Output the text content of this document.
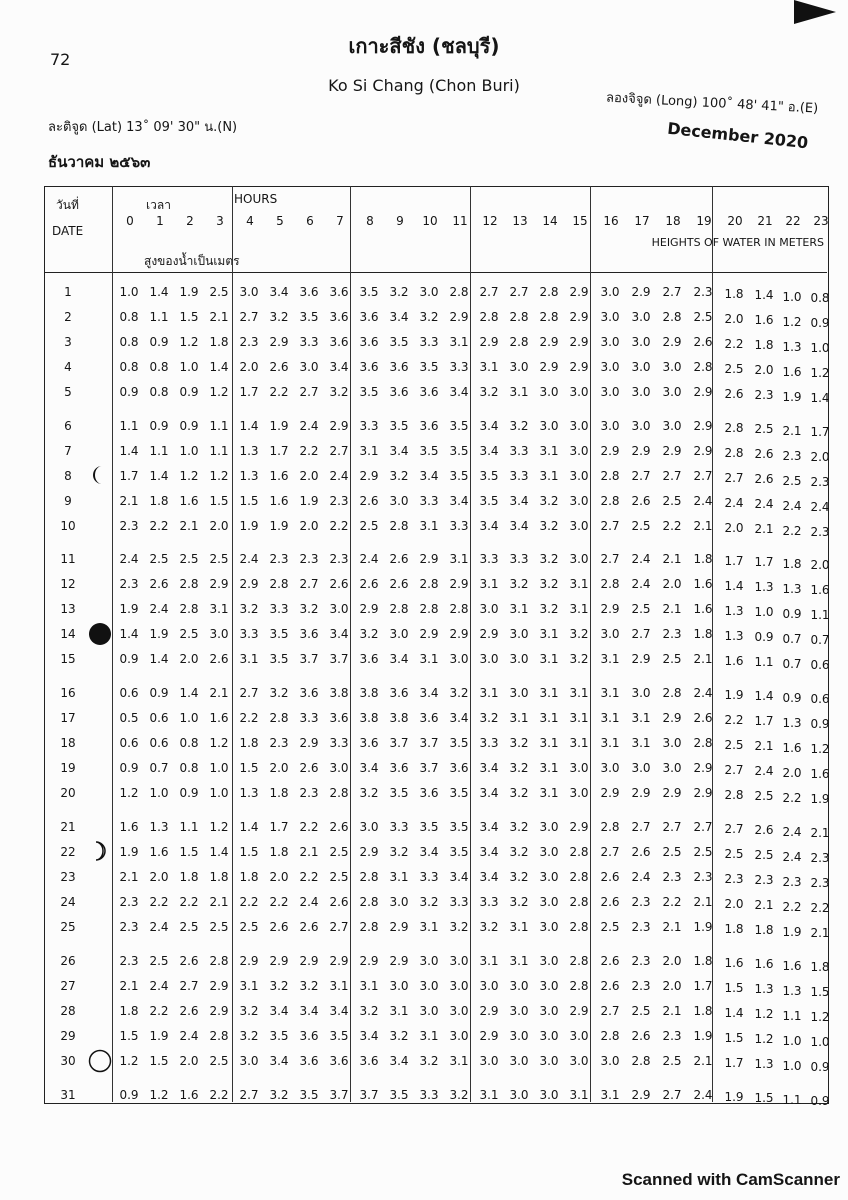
72
เกาะสีชัง (ชลบุรี)
Ko Si Chang (Chon Buri)
ละติจูด (Lat) 13˚ 09' 30" น.(N)
ลองจิจูด (Long) 100˚ 48' 41" อ.(E)
ธันวาคม ๒๕๖๓
December 2020
วันที่
DATE
เวลา	HOURS
HEIGHTS OF WATER IN METERS
สูงของน้ำเป็นเมตร
0	1	2	3	4	5	6	7	8	9	10	11	12	13	14	15	16	17	18	19	20	21	22	23
1	1.0 1.4 1.9 2.5 3.0 3.4 3.6 3.6 3.5 3.2 3.0 2.8 2.7 2.7 2.8 2.9 3.0 2.9 2.7 2.3 1.8 1.4 1.0 0.8
2	0.8 1.1 1.5 2.1 2.7 3.2 3.5 3.6 3.6 3.4 3.2 2.9 2.8 2.8 2.8 2.9 3.0 3.0 2.8 2.5 2.0 1.6 1.2 0.9
3	0.8 0.9 1.2 1.8 2.3 2.9 3.3 3.6 3.6 3.5 3.3 3.1 2.9 2.8 2.9 2.9 3.0 3.0 2.9 2.6 2.2 1.8 1.3 1.0
4	0.8 0.8 1.0 1.4 2.0 2.6 3.0 3.4 3.6 3.6 3.5 3.3 3.1 3.0 2.9 2.9 3.0 3.0 3.0 2.8 2.5 2.0 1.6 1.2
5	0.9 0.8 0.9 1.2 1.7 2.2 2.7 3.2 3.5 3.6 3.6 3.4 3.2 3.1 3.0 3.0 3.0 3.0 3.0 2.9 2.6 2.3 1.9 1.4
6	1.1 0.9 0.9 1.1 1.4 1.9 2.4 2.9 3.3 3.5 3.6 3.5 3.4 3.2 3.0 3.0 3.0 3.0 3.0 2.9 2.8 2.5 2.1 1.7
7	1.4 1.1 1.0 1.1 1.3 1.7 2.2 2.7 3.1 3.4 3.5 3.5 3.4 3.3 3.1 3.0 2.9 2.9 2.9 2.9 2.8 2.6 2.3 2.0
8	1.7 1.4 1.2 1.2 1.3 1.6 2.0 2.4 2.9 3.2 3.4 3.5 3.5 3.3 3.1 3.0 2.8 2.7 2.7 2.7 2.7 2.6 2.5 2.3
9	2.1 1.8 1.6 1.5 1.5 1.6 1.9 2.3 2.6 3.0 3.3 3.4 3.5 3.4 3.2 3.0 2.8 2.6 2.5 2.4 2.4 2.4 2.4 2.4
10	2.3 2.2 2.1 2.0 1.9 1.9 2.0 2.2 2.5 2.8 3.1 3.3 3.4 3.4 3.2 3.0 2.7 2.5 2.2 2.1 2.0 2.1 2.2 2.3
11	2.4 2.5 2.5 2.5 2.4 2.3 2.3 2.3 2.4 2.6 2.9 3.1 3.3 3.3 3.2 3.0 2.7 2.4 2.1 1.8 1.7 1.7 1.8 2.0
12	2.3 2.6 2.8 2.9 2.9 2.8 2.7 2.6 2.6 2.6 2.8 2.9 3.1 3.2 3.2 3.1 2.8 2.4 2.0 1.6 1.4 1.3 1.3 1.6
13	1.9 2.4 2.8 3.1 3.2 3.3 3.2 3.0 2.9 2.8 2.8 2.8 3.0 3.1 3.2 3.1 2.9 2.5 2.1 1.6 1.3 1.0 0.9 1.1
14	1.4 1.9 2.5 3.0 3.3 3.5 3.6 3.4 3.2 3.0 2.9 2.9 2.9 3.0 3.1 3.2 3.0 2.7 2.3 1.8 1.3 0.9 0.7 0.7
15	0.9 1.4 2.0 2.6 3.1 3.5 3.7 3.7 3.6 3.4 3.1 3.0 3.0 3.0 3.1 3.2 3.1 2.9 2.5 2.1 1.6 1.1 0.7 0.6
16	0.6 0.9 1.4 2.1 2.7 3.2 3.6 3.8 3.8 3.6 3.4 3.2 3.1 3.0 3.1 3.1 3.1 3.0 2.8 2.4 1.9 1.4 0.9 0.6
17	0.5 0.6 1.0 1.6 2.2 2.8 3.3 3.6 3.8 3.8 3.6 3.4 3.2 3.1 3.1 3.1 3.1 3.1 2.9 2.6 2.2 1.7 1.3 0.9
18	0.6 0.6 0.8 1.2 1.8 2.3 2.9 3.3 3.6 3.7 3.7 3.5 3.3 3.2 3.1 3.1 3.1 3.1 3.0 2.8 2.5 2.1 1.6 1.2
19	0.9 0.7 0.8 1.0 1.5 2.0 2.6 3.0 3.4 3.6 3.7 3.6 3.4 3.2 3.1 3.0 3.0 3.0 3.0 2.9 2.7 2.4 2.0 1.6
20	1.2 1.0 0.9 1.0 1.3 1.8 2.3 2.8 3.2 3.5 3.6 3.5 3.4 3.2 3.1 3.0 2.9 2.9 2.9 2.9 2.8 2.5 2.2 1.9
21	1.6 1.3 1.1 1.2 1.4 1.7 2.2 2.6 3.0 3.3 3.5 3.5 3.4 3.2 3.0 2.9 2.8 2.7 2.7 2.7 2.7 2.6 2.4 2.1
22	1.9 1.6 1.5 1.4 1.5 1.8 2.1 2.5 2.9 3.2 3.4 3.5 3.4 3.2 3.0 2.8 2.7 2.6 2.5 2.5 2.5 2.5 2.4 2.3
23	2.1 2.0 1.8 1.8 1.8 2.0 2.2 2.5 2.8 3.1 3.3 3.4 3.4 3.2 3.0 2.8 2.6 2.4 2.3 2.3 2.3 2.3 2.3 2.3
24	2.3 2.2 2.2 2.1 2.2 2.2 2.4 2.6 2.8 3.0 3.2 3.3 3.3 3.2 3.0 2.8 2.6 2.3 2.2 2.1 2.0 2.1 2.2 2.2
25	2.3 2.4 2.5 2.5 2.5 2.6 2.6 2.7 2.8 2.9 3.1 3.2 3.2 3.1 3.0 2.8 2.5 2.3 2.1 1.9 1.8 1.8 1.9 2.1
26	2.3 2.5 2.6 2.8 2.9 2.9 2.9 2.9 2.9 2.9 3.0 3.0 3.1 3.1 3.0 2.8 2.6 2.3 2.0 1.8 1.6 1.6 1.6 1.8
27	2.1 2.4 2.7 2.9 3.1 3.2 3.2 3.1 3.1 3.0 3.0 3.0 3.0 3.0 3.0 2.8 2.6 2.3 2.0 1.7 1.5 1.3 1.3 1.5
28	1.8 2.2 2.6 2.9 3.2 3.4 3.4 3.4 3.2 3.1 3.0 3.0 2.9 3.0 3.0 2.9 2.7 2.5 2.1 1.8 1.4 1.2 1.1 1.2
29	1.5 1.9 2.4 2.8 3.2 3.5 3.6 3.5 3.4 3.2 3.1 3.0 2.9 3.0 3.0 3.0 2.8 2.6 2.3 1.9 1.5 1.2 1.0 1.0
30	1.2 1.5 2.0 2.5 3.0 3.4 3.6 3.6 3.6 3.4 3.2 3.1 3.0 3.0 3.0 3.0 3.0 2.8 2.5 2.1 1.7 1.3 1.0 0.9
31	0.9 1.2 1.6 2.2 2.7 3.2 3.5 3.7 3.7 3.5 3.3 3.2 3.1 3.0 3.0 3.1 3.1 2.9 2.7 2.4 1.9 1.5 1.1 0.9
Scanned with CamScanner
